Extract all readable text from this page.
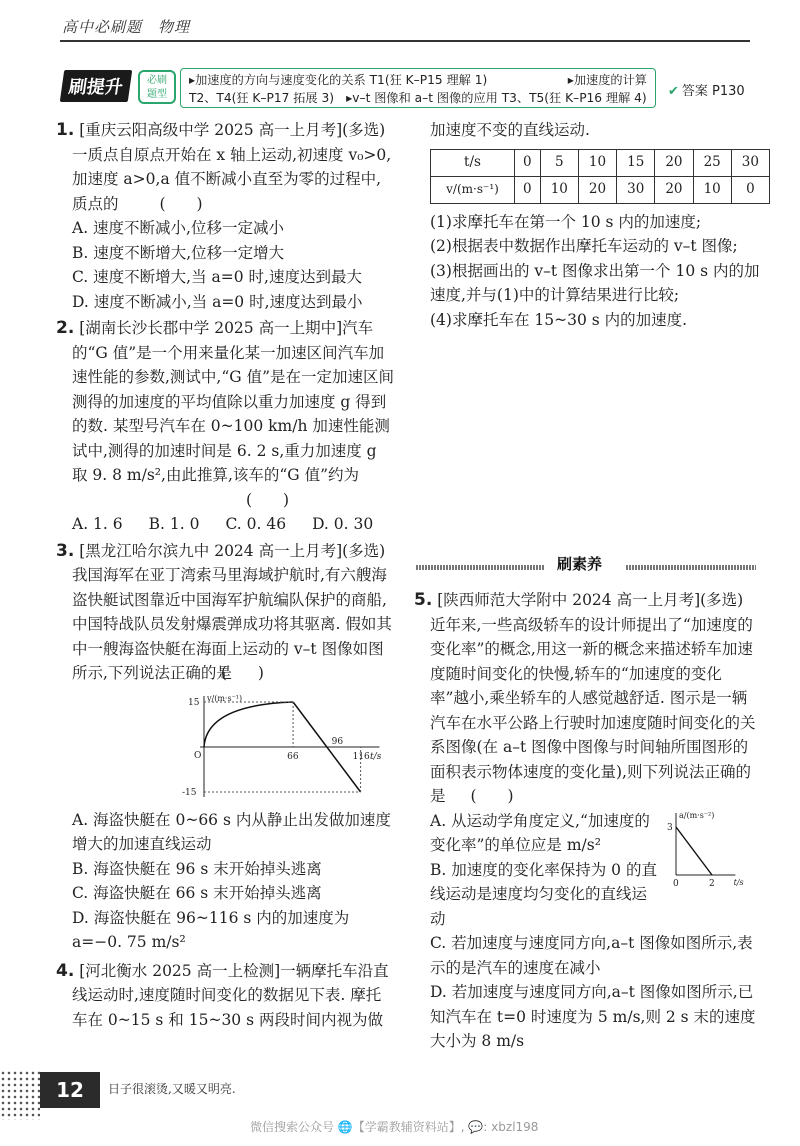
高中必刷题　物理
刷提升	必刷
题型
▸加速度的方向与速度变化的关系 T1(狂 K–P15 理解 1)	▸加速度的计算
T2、T4(狂 K–P17 拓展 3)　▸v–t 图像和 a–t 图像的应用 T3、T5(狂 K–P16 理解 4) ✔ 答案 P130
1. [重庆云阳高级中学 2025 高一上月考](多选) 一质点自原点开始在 x 轴上运动,初速度 v₀>0,加速度 a>0,a 值不断减小直至为零的过程中,质点的	(　　)
A. 速度不断减小,位移一定减小
B. 速度不断增大,位移一定增大
C. 速度不断增大,当 a=0 时,速度达到最大
D. 速度不断减小,当 a=0 时,速度达到最小
2. [湖南长沙长郡中学 2025 高一上期中]汽车的“G 值”是一个用来量化某一加速区间汽车加速性能的参数,测试中,“G 值”是在一定加速区间测得的加速度的平均值除以重力加速度 g 得到的数. 某型号汽车在 0~100 km/h 加速性能测试中,测得的加速时间是 6. 2 s,重力加速度 g 取 9. 8 m/s²,由此推算,该车的“G 值”约为 (　　)
A. 1. 6 B. 1. 0 C. 0. 46 D. 0. 30
3. [黑龙江哈尔滨九中 2024 高一上月考](多选) 我国海军在亚丁湾索马里海域护航时,有六艘海盗快艇试图靠近中国海军护航编队保护的商船,中国特战队员发射爆震弹成功将其驱离. 假如其中一艘海盗快艇在海面上运动的 v–t 图像如图所示,下列说法正确的是 (　　)
v/(m·s⁻¹)
t/s
O
15
-15
66
96
116
A. 海盗快艇在 0~66 s 内从静止出发做加速度增大的加速直线运动
B. 海盗快艇在 96 s 末开始掉头逃离
C. 海盗快艇在 66 s 末开始掉头逃离
D. 海盗快艇在 96~116 s 内的加速度为 a=−0. 75 m/s²
4. [河北衡水 2025 高一上检测]一辆摩托车沿直线运动时,速度随时间变化的数据见下表. 摩托车在 0~15 s 和 15~30 s 两段时间内视为做
加速度不变的直线运动.
t/s	0	5	10	15	20	25	30
v/(m·s⁻¹)	0	10	20	30	20	10	0
(1)求摩托车在第一个 10 s 内的加速度;
(2)根据表中数据作出摩托车运动的 v–t 图像;
(3)根据画出的 v–t 图像求出第一个 10 s 内的加速度,并与(1)中的计算结果进行比较;
(4)求摩托车在 15~30 s 内的加速度.
刷素养
5. [陕西师范大学附中 2024 高一上月考](多选) 近年来,一些高级轿车的设计师提出了“加速度的变化率”的概念,用这一新的概念来描述轿车加速度随时间变化的快慢,轿车的“加速度的变化率”越小,乘坐轿车的人感觉越舒适. 图示是一辆汽车在水平公路上行驶时加速度随时间变化的关系图像(在 a–t 图像中图像与时间轴所围图形的面积表示物体速度的变化量),则下列说法正确的是 (　　)
A. 从运动学角度定义,“加速度的变化率”的单位应是 m/s²
B. 加速度的变化率保持为 0 的直线运动是速度均匀变化的直线运动
C. 若加速度与速度同方向,a–t 图像如图所示,表示的是汽车的速度在减小
D. 若加速度与速度同方向,a–t 图像如图所示,已知汽车在 t=0 时速度为 5 m/s,则 2 s 末的速度大小为 8 m/s
a/(m·s⁻²)
t/s
3
0	2
12	日子很滚烫,又暖又明亮.
微信搜索公众号 🌐【学霸教辅资料站】, 💬: xbzl198
